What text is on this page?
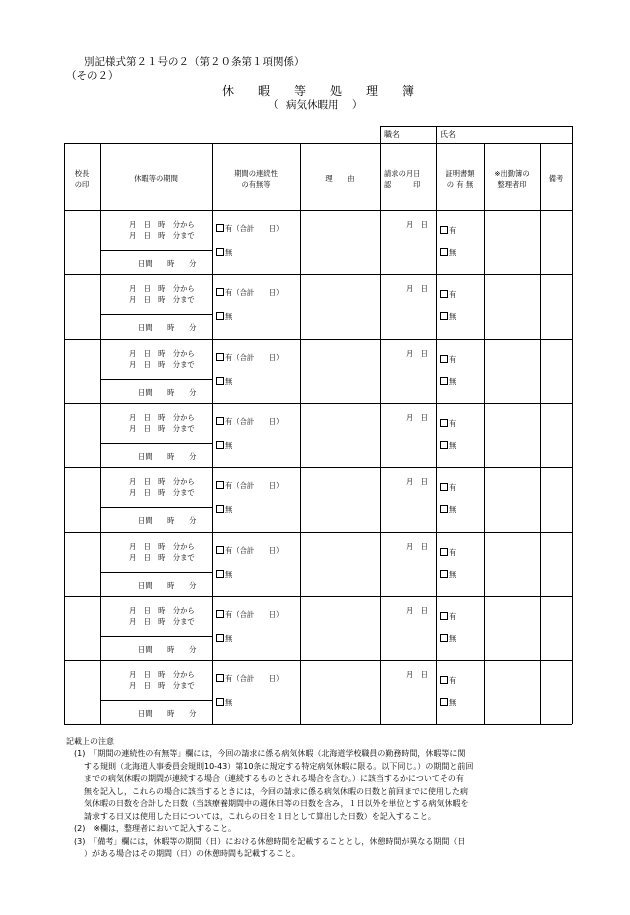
別記様式第２１号の２（第２０条第１項関係）
（その２）
休 暇 等 処 理 簿
（ 病気休暇用 ）
職名	氏名
校長
の印
休暇等の期間
期間の連続性
の有無等
理　　由
請求の月日
認　　　印
証明書類
の 有 無
※出勤簿の
整理者印
備考
月　日　時　分から
月　日　時　分まで
日間　　時　　分
有（合計　　日）
無
月　日
有
無
月　日　時　分から
月　日　時　分まで
日間　　時　　分
有（合計　　日）
無
月　日
有
無
月　日　時　分から
月　日　時　分まで
日間　　時　　分
有（合計　　日）
無
月　日
有
無
月　日　時　分から
月　日　時　分まで
日間　　時　　分
有（合計　　日）
無
月　日
有
無
月　日　時　分から
月　日　時　分まで
日間　　時　　分
有（合計　　日）
無
月　日
有
無
月　日　時　分から
月　日　時　分まで
日間　　時　　分
有（合計　　日）
無
月　日
有
無
月　日　時　分から
月　日　時　分まで
日間　　時　　分
有（合計　　日）
無
月　日
有
無
月　日　時　分から
月　日　時　分まで
日間　　時　　分
有（合計　　日）
無
月　日
有
無
記載上の注意
(1)　「期間の連続性の有無等」欄には，今回の請求に係る病気休暇（北海道学校職員の勤務時間，休暇等に関
する規則（北海道人事委員会規則10-43）第10条に規定する特定病気休暇に限る。以下同じ。）の期間と前回
までの病気休暇の期間が連続する場合（連続するものとされる場合を含む。）に該当するかについてその有
無を記入し，これらの場合に該当するときには，今回の請求に係る病気休暇の日数と前回までに使用した病
気休暇の日数を合計した日数（当該療養期間中の週休日等の日数を含み，１日以外を単位とする病気休暇を
請求する日又は使用した日については，これらの日を１日として算出した日数）を記入すること。
(2)　※欄は，整理者において記入すること。
(3)　「備考」欄には，休暇等の期間（日）における休憩時間を記載することとし，休憩時間が異なる期間（日
）がある場合はその期間（日）の休憩時間も記載すること。
